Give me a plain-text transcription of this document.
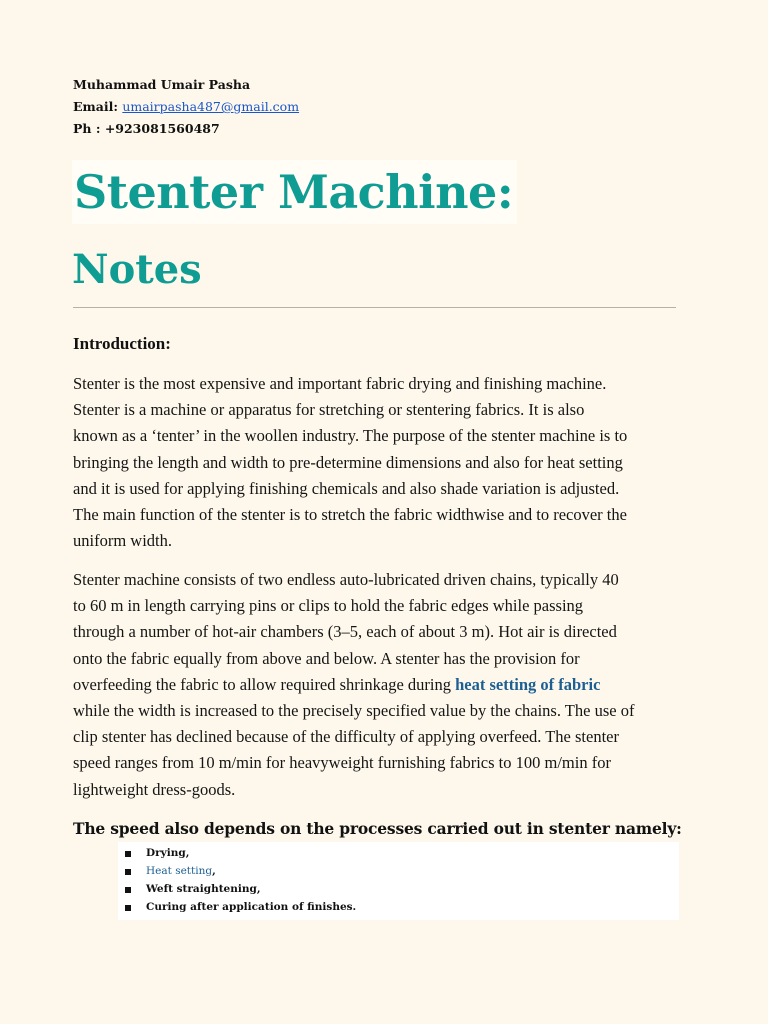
Muhammad Umair Pasha
Email: umairpasha487@gmail.com
Ph : +923081560487
Stenter Machine:
Notes
Introduction:
Stenter is the most expensive and important fabric drying and finishing machine.
Stenter is a machine or apparatus for stretching or stentering fabrics. It is also
known as a ‘tenter’ in the woollen industry. The purpose of the stenter machine is to
bringing the length and width to pre-determine dimensions and also for heat setting
and it is used for applying finishing chemicals and also shade variation is adjusted.
The main function of the stenter is to stretch the fabric widthwise and to recover the
uniform width.
Stenter machine consists of two endless auto-lubricated driven chains, typically 40
to 60 m in length carrying pins or clips to hold the fabric edges while passing
through a number of hot-air chambers (3–5, each of about 3 m). Hot air is directed
onto the fabric equally from above and below. A stenter has the provision for
overfeeding the fabric to allow required shrinkage during heat setting of fabric
while the width is increased to the precisely specified value by the chains. The use of
clip stenter has declined because of the difficulty of applying overfeed. The stenter
speed ranges from 10 m/min for heavyweight furnishing fabrics to 100 m/min for
lightweight dress-goods.
The speed also depends on the processes carried out in stenter namely:
Drying,
Heat setting,
Weft straightening,
Curing after application of finishes.
